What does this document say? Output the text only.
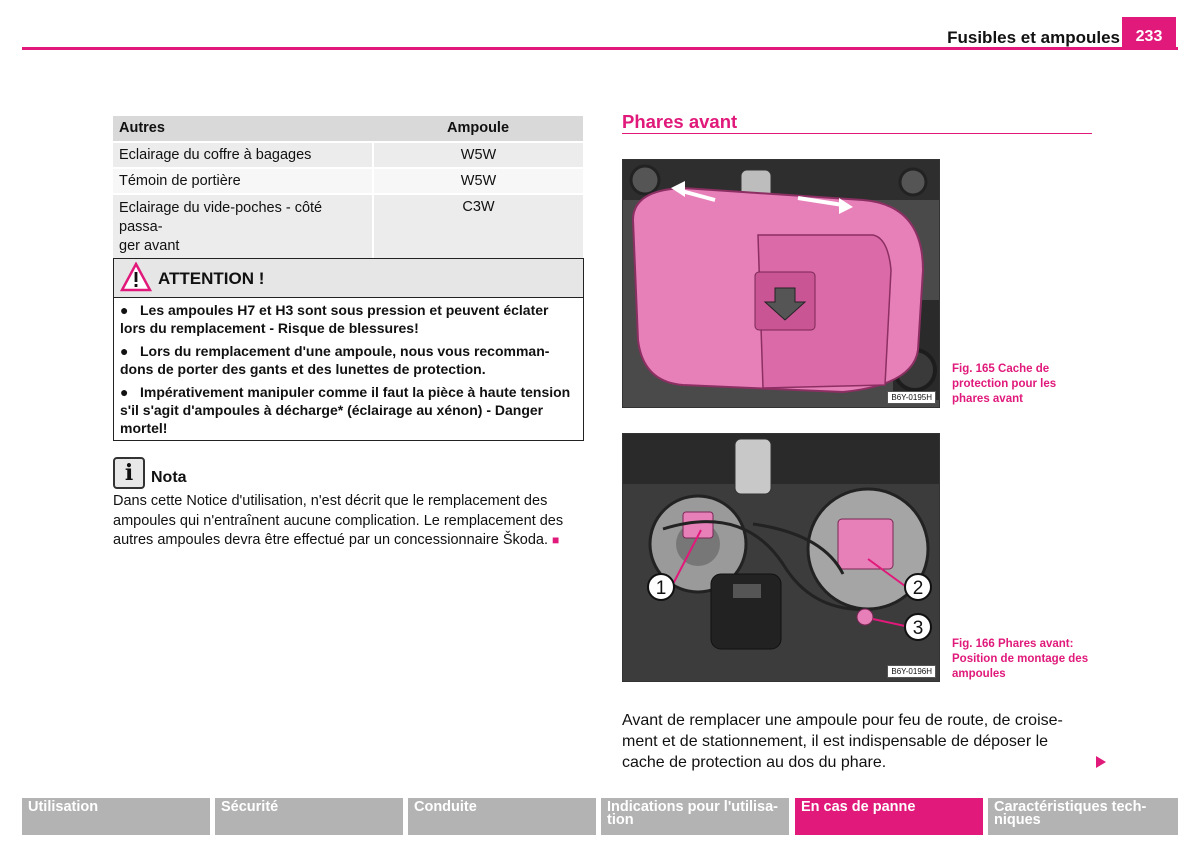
Fusibles et ampoules 233
Autres	Ampoule
Eclairage du coffre à bagages	W5W
Témoin de portière	W5W
Eclairage du vide-poches - côté passa-
ger avant	C3W
ATTENTION !

● Les ampoules H7 et H3 sont sous pression et peuvent éclater lors du remplacement - Risque de blessures!

● Lors du remplacement d'une ampoule, nous vous recomman-dons de porter des gants et des lunettes de protection.

● Impérativement manipuler comme il faut la pièce à haute tension s'il s'agit d'ampoules à décharge* (éclairage au xénon) - Danger mortel!

i	Nota
Dans cette Notice d'utilisation, n'est décrit que le remplacement des ampoules qui n'entraînent aucune complication. Le remplacement des autres ampoules devra être effectué par un concessionnaire Škoda. ■
Phares avant
B6Y-0195H
Fig. 165 Cache de protection pour les phares avant
1	2
3
B6Y-0196H
Fig. 166 Phares avant: Position de montage des ampoules
Avant de remplacer une ampoule pour feu de route, de croise-ment et de stationnement, il est indispensable de déposer le cache de protection au dos du phare.
Utilisation	Sécurité	Conduite	Indications pour l'utilisa-tion
En cas de panne	Caractéristiques tech-niques
